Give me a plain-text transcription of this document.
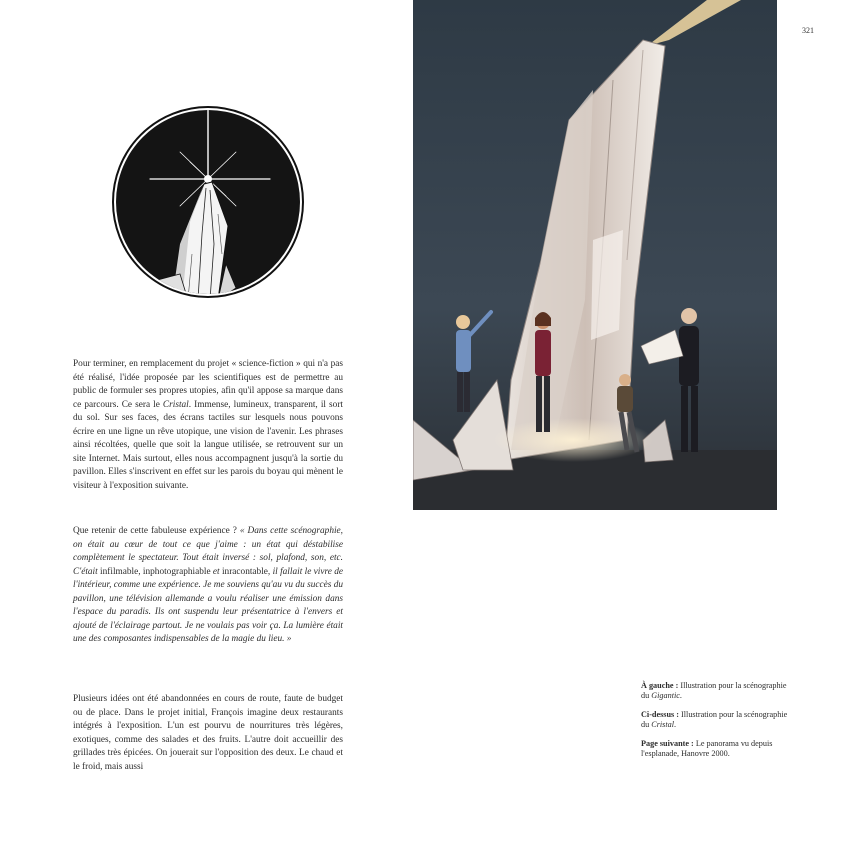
321

Pour terminer, en remplacement du projet « science-fiction » qui n'a pas été réalisé, l'idée proposée par les scientifiques est de permettre au public de formuler ses propres utopies, afin qu'il appose sa marque dans ce parcours. Ce sera le Cristal. Immense, lumineux, transparent, il sort du sol. Sur ses faces, des écrans tactiles sur lesquels nous pouvons écrire en une ligne un rêve utopique, une vision de l'avenir. Les phrases ainsi récoltées, quelle que soit la langue utilisée, se retrouvent sur un site Internet. Mais surtout, elles nous accompagnent jusqu'à la sortie du pavillon. Elles s'inscrivent en effet sur les parois du boyau qui mènent le visiteur à l'exposition suivante.

Que retenir de cette fabuleuse expérience ? « Dans cette scénographie, on était au cœur de tout ce que j'aime : un état qui déstabilise complètement le spectateur. Tout était inversé : sol, plafond, son, etc. C'était infilmable, inphotographiable et inracontable, il fallait le vivre de l'intérieur, comme une expérience. Je me souviens qu'au vu du succès du pavillon, une télévision allemande a voulu réaliser une émission dans l'espace du paradis. Ils ont suspendu leur présentatrice à l'envers et ajouté de l'éclairage partout. Je ne voulais pas voir ça. La lumière était une des composantes indispensables de la magie du lieu. »

Plusieurs idées ont été abandonnées en cours de route, faute de budget ou de place. Dans le projet initial, François imagine deux restaurants intégrés à l'exposition. L'un est pourvu de nourritures très légères, exotiques, comme des salades et des fruits. L'autre doit accueillir des grillades très épicées. On jouerait sur l'opposition des deux. Le chaud et le froid, mais aussi

À gauche : Illustration pour la scénographie du Gigantic.

Ci-dessus : Illustration pour la scénographie du Cristal.

Page suivante : Le panorama vu depuis l'esplanade, Hanovre 2000.
